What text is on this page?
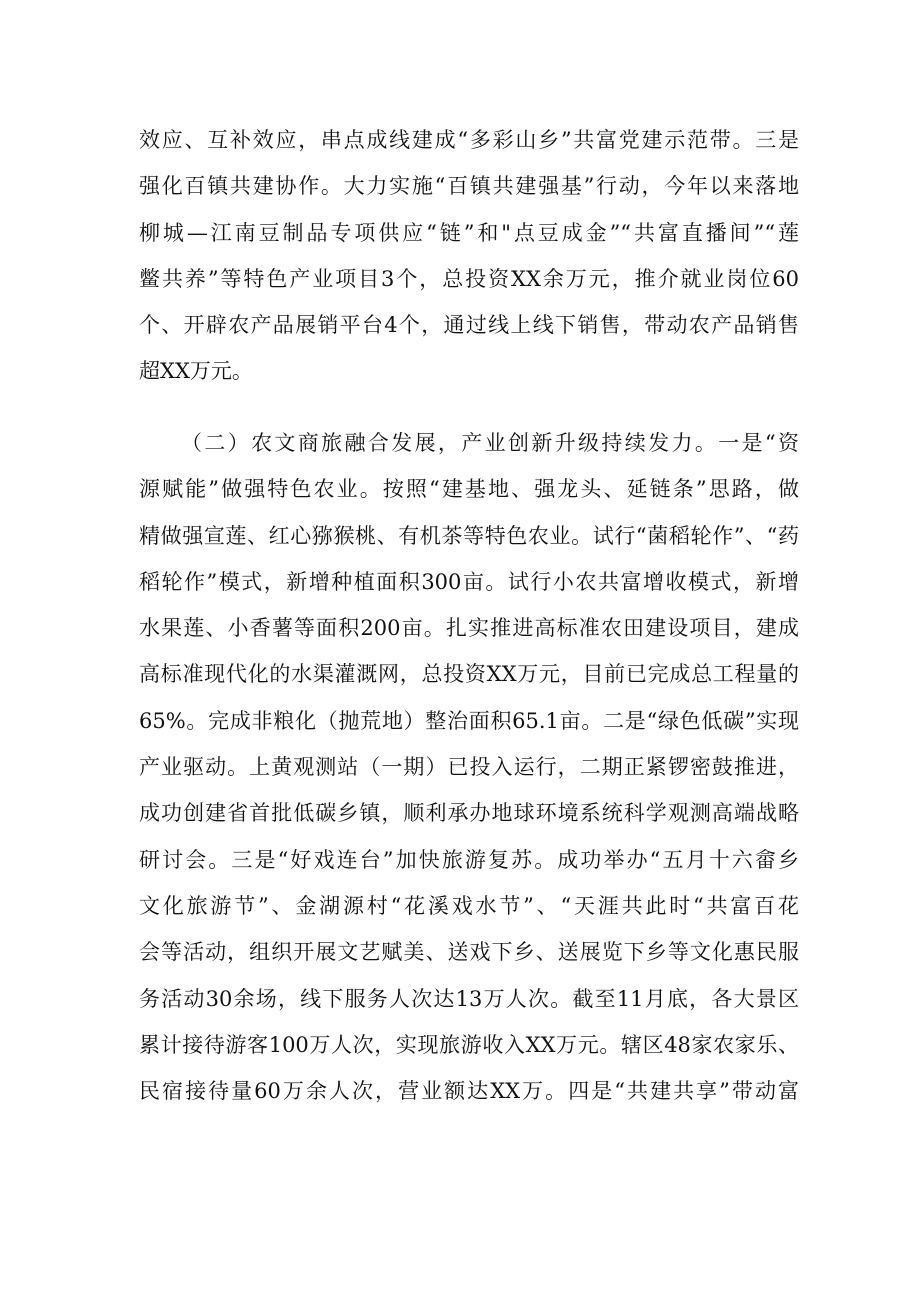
效应、互补效应，串点成线建成“多彩山乡”共富党建示范带。三是
强化百镇共建协作。大力实施“百镇共建强基”行动，今年以来落地
柳城—江南豆制品专项供应“链”和"点豆成金”“共富直播间”“莲
鳖共养”等特色产业项目3个，总投资XX余万元，推介就业岗位60
个、开辟农产品展销平台4个，通过线上线下销售，带动农产品销售
超XX万元。
（二）农文商旅融合发展，产业创新升级持续发力。一是“资
源赋能”做强特色农业。按照“建基地、强龙头、延链条”思路，做
精做强宣莲、红心猕猴桃、有机茶等特色农业。试行“菌稻轮作”、“药
稻轮作”模式，新增种植面积300亩。试行小农共富增收模式，新增
水果莲、小香薯等面积200亩。扎实推进高标准农田建设项目，建成
高标准现代化的水渠灌溉网，总投资XX万元，目前已完成总工程量的
65%。完成非粮化（抛荒地）整治面积65.1亩。二是“绿色低碳”实现
产业驱动。上黄观测站（一期）已投入运行，二期正紧锣密鼓推进，
成功创建省首批低碳乡镇，顺利承办地球环境系统科学观测高端战略
研讨会。三是“好戏连台”加快旅游复苏。成功举办“五月十六畲乡
文化旅游节”、金湖源村“花溪戏水节”、“天涯共此时“共富百花
会等活动，组织开展文艺赋美、送戏下乡、送展览下乡等文化惠民服
务活动30余场，线下服务人次达13万人次。截至11月底，各大景区
累计接待游客100万人次，实现旅游收入XX万元。辖区48家农家乐、
民宿接待量60万余人次，营业额达XX万。四是“共建共享”带动富
